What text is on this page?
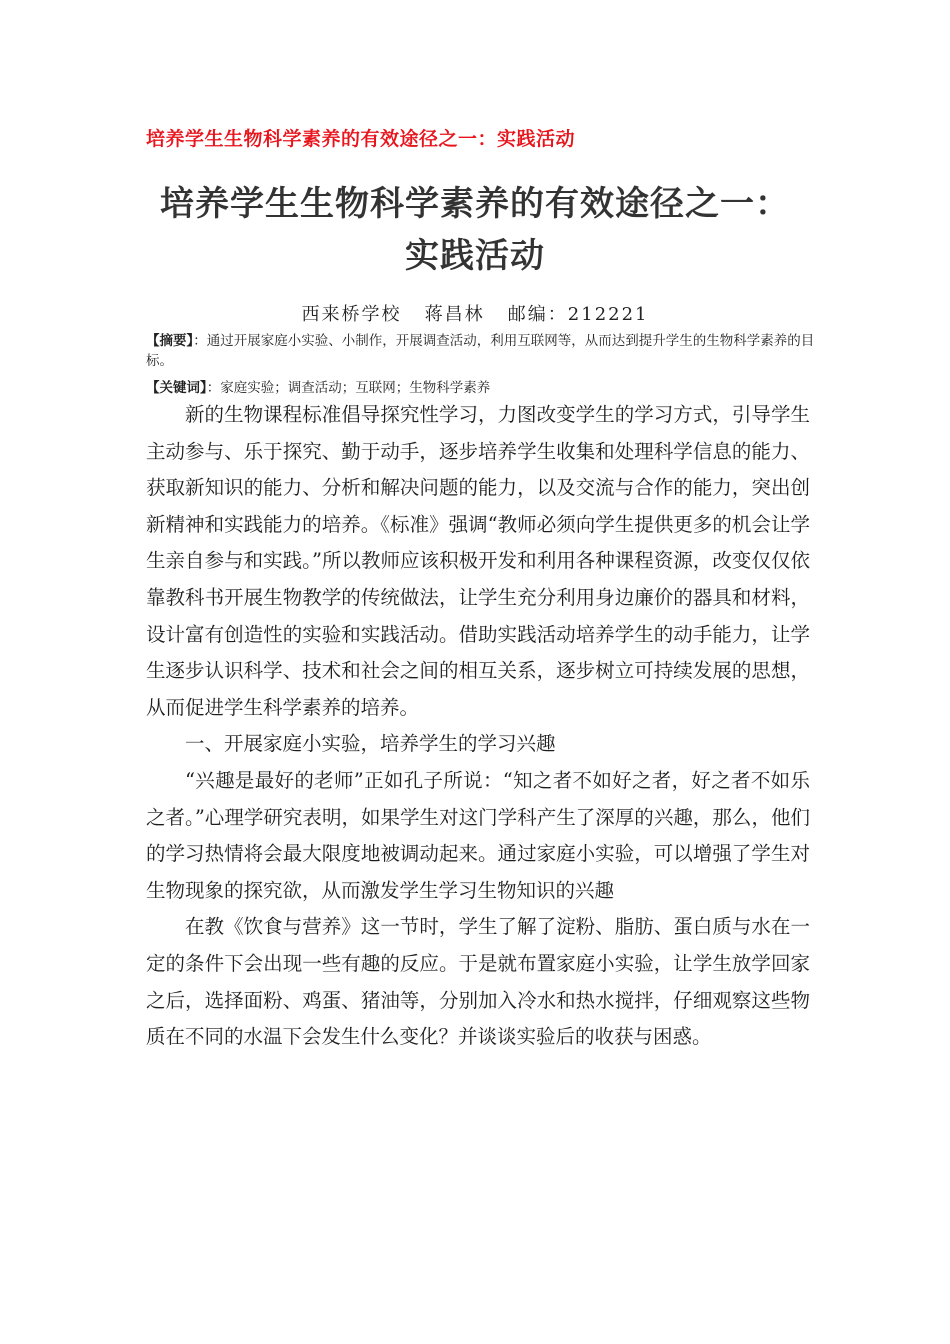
培养学生生物科学素养的有效途径之一：实践活动
培养学生生物科学素养的有效途径之一：
实践活动
西来桥学校   蒋昌林   邮编：212221
【摘要】：通过开展家庭小实验、小制作，开展调查活动，利用互联网等，从而达到提升学生的生物科学素养的目标。
【关键词】：家庭实验；调查活动；互联网；生物科学素养

新的生物课程标准倡导探究性学习，力图改变学生的学习方式，引导学生主动参与、乐于探究、勤于动手，逐步培养学生收集和处理科学信息的能力、获取新知识的能力、分析和解决问题的能力，以及交流与合作的能力，突出创新精神和实践能力的培养。《标准》强调“教师必须向学生提供更多的机会让学生亲自参与和实践。”所以教师应该积极开发和利用各种课程资源，改变仅仅依靠教科书开展生物教学的传统做法，让学生充分利用身边廉价的器具和材料，设计富有创造性的实验和实践活动。借助实践活动培养学生的动手能力，让学生逐步认识科学、技术和社会之间的相互关系，逐步树立可持续发展的思想，从而促进学生科学素养的培养。

一、开展家庭小实验，培养学生的学习兴趣

“兴趣是最好的老师”正如孔子所说：“知之者不如好之者，好之者不如乐之者。”心理学研究表明，如果学生对这门学科产生了深厚的兴趣，那么，他们的学习热情将会最大限度地被调动起来。通过家庭小实验，可以增强了学生对生物现象的探究欲，从而激发学生学习生物知识的兴趣

在教《饮食与营养》这一节时，学生了解了淀粉、脂肪、蛋白质与水在一定的条件下会出现一些有趣的反应。于是就布置家庭小实验，让学生放学回家之后，选择面粉、鸡蛋、猪油等，分别加入冷水和热水搅拌，仔细观察这些物质在不同的水温下会发生什么变化？并谈谈实验后的收获与困惑。
